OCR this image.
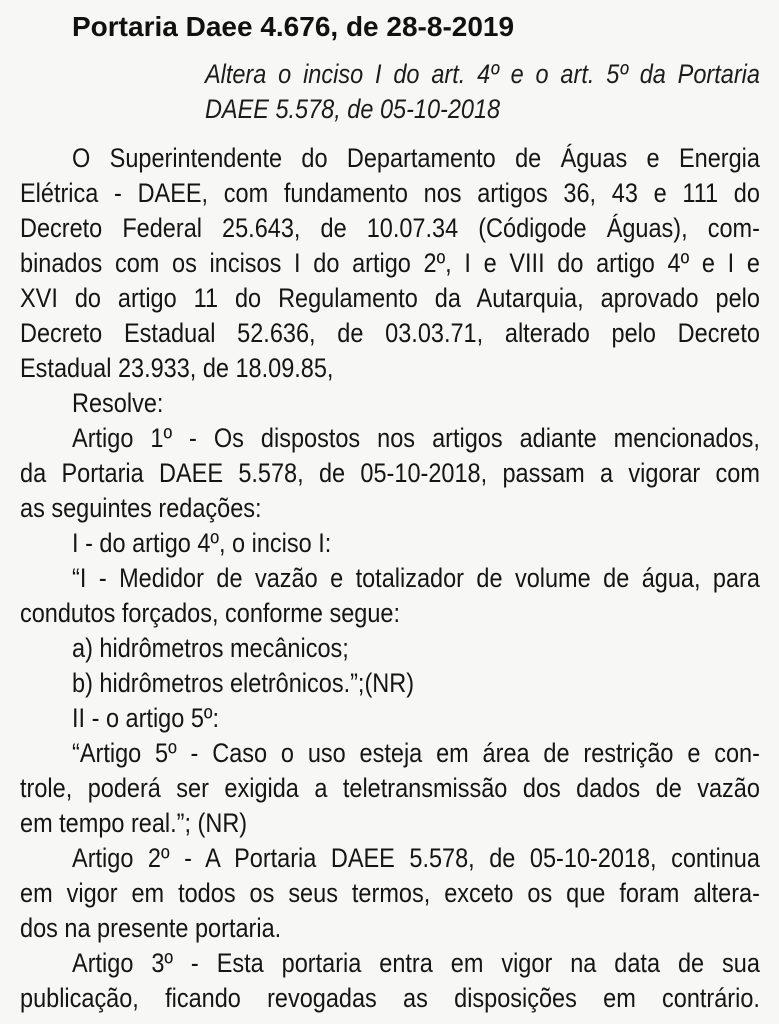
Portaria Daee 4.676, de 28-8-2019
Altera o inciso I do art. 4º e o art. 5º da Portaria
DAEE 5.578, de 05-10-2018
O Superintendente do Departamento de Águas e Energia
Elétrica - DAEE, com fundamento nos artigos 36, 43 e 111 do
Decreto Federal 25.643, de 10.07.34 (Códigode Águas), com-
binados com os incisos I do artigo 2º, I e VIII do artigo 4º e I e
XVI do artigo 11 do Regulamento da Autarquia, aprovado pelo
Decreto Estadual 52.636, de 03.03.71, alterado pelo Decreto
Estadual 23.933, de 18.09.85,
Resolve:
Artigo 1º - Os dispostos nos artigos adiante mencionados,
da Portaria DAEE 5.578, de 05-10-2018, passam a vigorar com
as seguintes redações:
I - do artigo 4º, o inciso I:
“I - Medidor de vazão e totalizador de volume de água, para
condutos forçados, conforme segue:
a) hidrômetros mecânicos;
b) hidrômetros eletrônicos.”;(NR)
II - o artigo 5º:
“Artigo 5º - Caso o uso esteja em área de restrição e con-
trole, poderá ser exigida a teletransmissão dos dados de vazão
em tempo real.”; (NR)
Artigo 2º - A Portaria DAEE 5.578, de 05-10-2018, continua
em vigor em todos os seus termos, exceto os que foram altera-
dos na presente portaria.
Artigo 3º - Esta portaria entra em vigor na data de sua
publicação, ficando revogadas as disposições em contrário.
